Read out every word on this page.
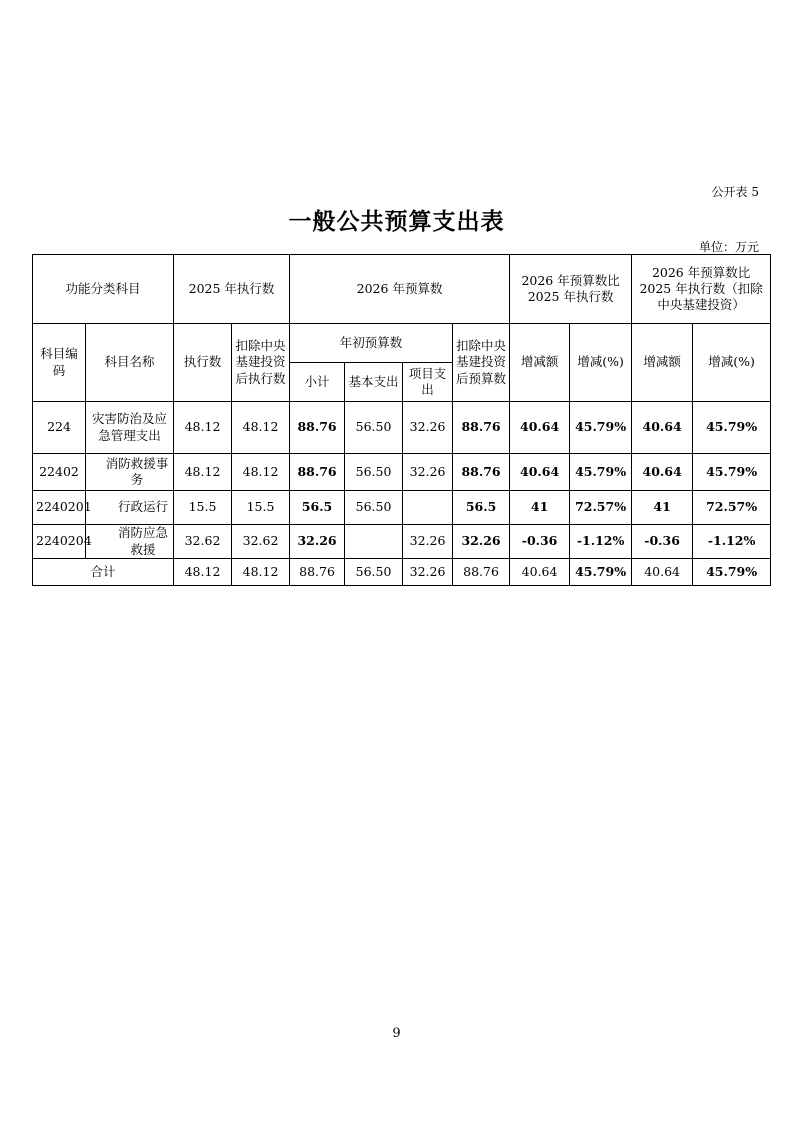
公开表 5
一般公共预算支出表
单位：万元
功能分类科目		2025 年执行数		2026 年预算数				2026 年预算数比 2025 年执行数		2026 年预算数比 2025 年执行数（扣除中央基建投资）	
科目编码	科目名称	执行数	扣除中央基建投资后执行数	年初预算数			扣除中央基建投资后预算数	增减额	增减(%)	增减额	增减(%)
				小计	基本支出	项目支出					
224	灾害防治及应急管理支出	48.12	48.12	88.76	56.50	32.26	88.76	40.64	45.79%	40.64	45.79%
22402	消防救援事务	48.12	48.12	88.76	56.50	32.26	88.76	40.64	45.79%	40.64	45.79%
2240201	行政运行	15.5	15.5	56.5	56.50		56.5	41	72.57%	41	72.57%
2240204	消防应急救援	32.62	32.62	32.26		32.26	32.26	-0.36	-1.12%	-0.36	-1.12%
合计		48.12	48.12	88.76	56.50	32.26	88.76	40.64	45.79%	40.64	45.79%
9
